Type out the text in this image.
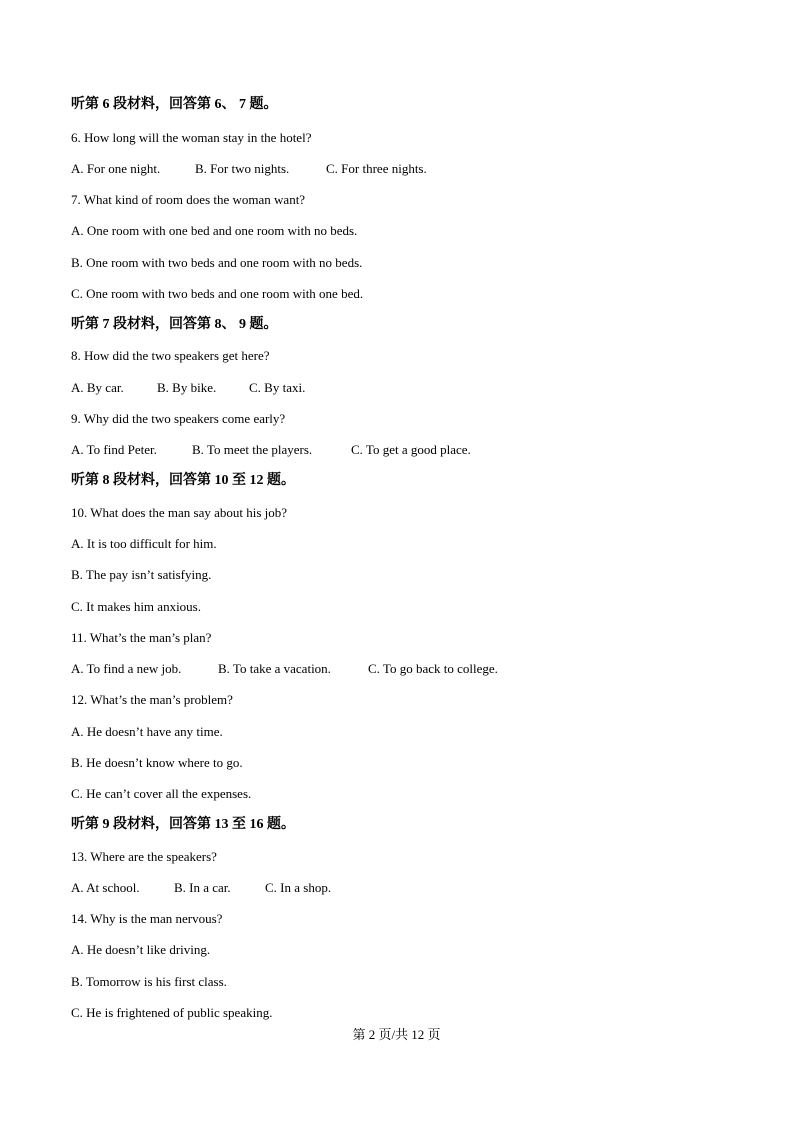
听第 6 段材料，回答第 6、 7 题。
6. How long will the woman stay in the hotel?
A. For one night.	B. For two nights.	C. For three nights.
7. What kind of room does the woman want?
A. One room with one bed and one room with no beds.
B. One room with two beds and one room with no beds.
C. One room with two beds and one room with one bed.
听第 7 段材料，回答第 8、 9 题。
8. How did the two speakers get here?
A. By car.	B. By bike.	C. By taxi.
9. Why did the two speakers come early?
A. To find Peter.	B. To meet the players.	C. To get a good place.
听第 8 段材料，回答第 10 至 12 题。
10. What does the man say about his job?
A. It is too difficult for him.
B. The pay isn’t satisfying.
C. It makes him anxious.
11. What’s the man’s plan?
A. To find a new job.	B. To take a vacation.	C. To go back to college.
12. What’s the man’s problem?
A. He doesn’t have any time.
B. He doesn’t know where to go.
C. He can’t cover all the expenses.
听第 9 段材料，回答第 13 至 16 题。
13. Where are the speakers?
A. At school.	B. In a car.	C. In a shop.
14. Why is the man nervous?
A. He doesn’t like driving.
B. Tomorrow is his first class.
C. He is frightened of public speaking.
第 2 页/共 12 页
